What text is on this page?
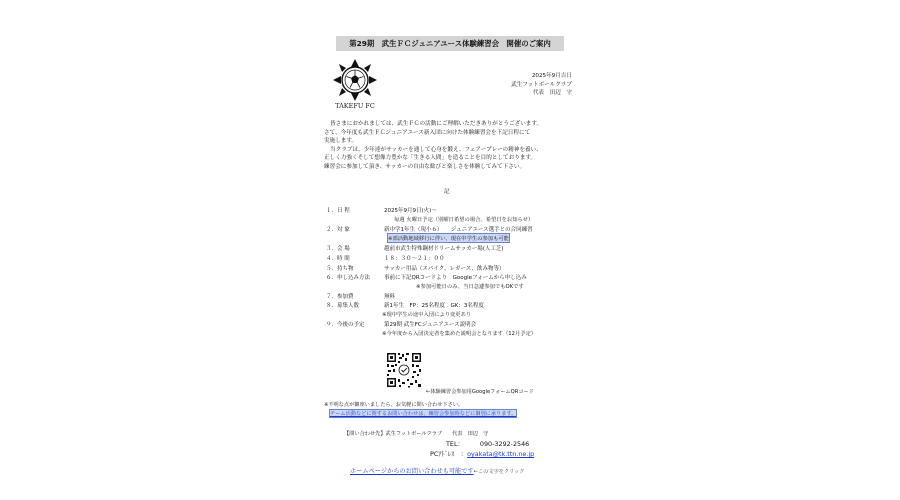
第29期　武生ＦＣジュニアユース体験練習会　開催のご案内
TAKEFU FC
2025年9月吉日
武生フットボールクラブ
代表　田辺　守
皆さまにおかれましては、武生ＦＣの活動にご理解いただきありがとうございます。
さて、今年度も武生ＦＣジュニアユース新入団に向けた体験練習会を下記日程にて
実施します。
当クラブは、少年達がサッカーを通して心身を鍛え、フェアープレーの精神を養い、
正しく力強くそして想像力豊かな「生きる人間」を造ることを目的としております。
練習会に参加して頂き、サッカーの自由な歓びと楽しさを体験してみて下さい。
記
１．日 程	2025年9月9日(火)～
毎週 火曜日予定（別曜日希望の場合、希望日をお知らせ）
２．対 象	新中学1年生（現小６）　　ジュニアユース選手との合同練習
※部活動地域移行に伴い、現在中学生の参加も可能
３．会 場	越前市武生特殊鋼材ドリームサッカー場(人工芝)
４．時 間	１８：３０～２１：００
５．持ち物	サッカー用品（スパイク、レガース、飲み物等）
６．申し込み方法	事前に下記QRコードより　Googleフォームから申し込み
※参加可能日のみ、当日急遽参加でもOKです
７．参加費	無料
８．募集人数	新1年生　FP：25名程度　GK：3名程度
※現中学生の途中入団により変更あり
９．今後の予定	第29期 武生FCジュニアユース説明会
※今年度から入団決定者を集めた説明会となります（12月予定）
←体験練習会参加用GoogleフォームQRコード
※不明な点が御座いましたら、お気軽に問い合わせ下さい。
チーム活動などに関するお問い合わせは、練習会参加時などに個別に承ります。
【問い合わせ先】武生フットボールクラブ 代表　田辺　守
TEL：	090-3292-2546
PCｱﾄﾞﾚｽ　：oyakata@tk.ttn.ne.jp
ホームページからのお問い合わせも可能です←この文字をクリック
